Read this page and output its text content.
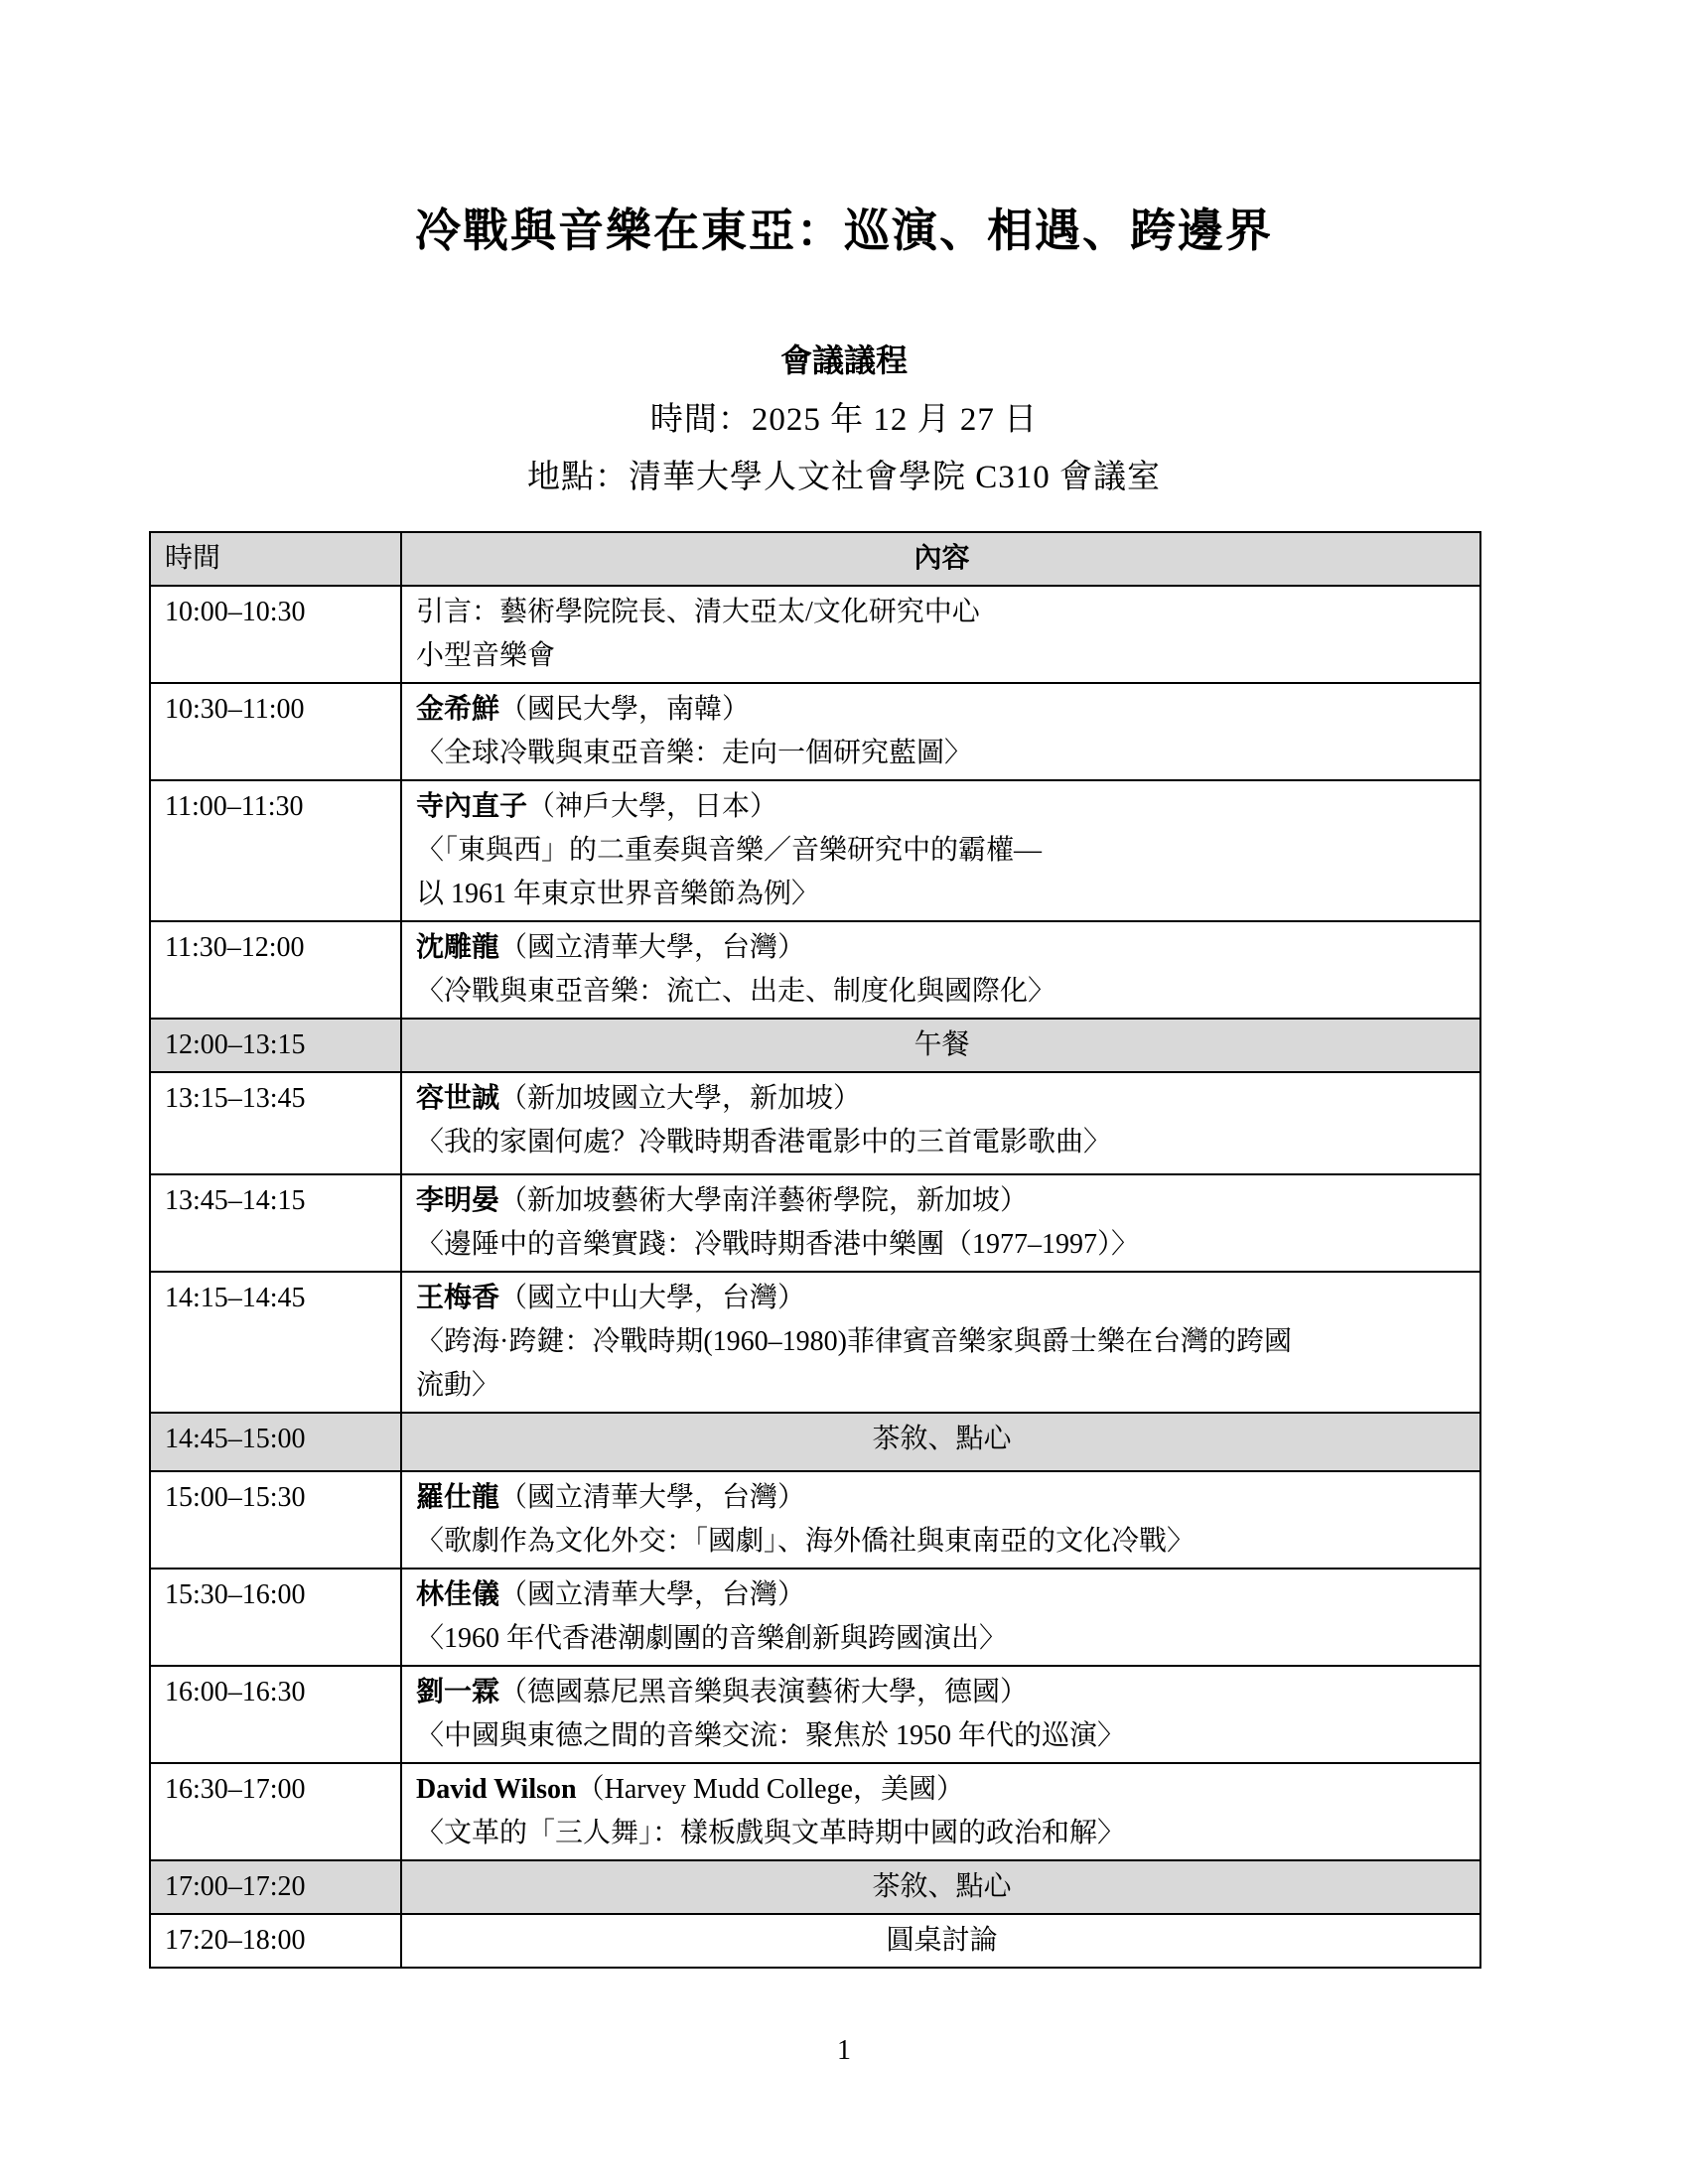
冷戰與音樂在東亞：巡演、相遇、跨邊界
會議議程
時間：2025 年 12 月 27 日
地點：清華大學人文社會學院 C310 會議室
時間	內容
10:00–10:30	引言：藝術學院院長、清大亞太/文化研究中心
小型音樂會

10:30–11:00	金希鮮（國民大學，南韓）
〈全球冷戰與東亞音樂：走向一個研究藍圖〉

11:00–11:30	寺內直子（神戶大學，日本）
〈「東與西」的二重奏與音樂／音樂研究中的霸權—
以 1961 年東京世界音樂節為例〉

11:30–12:00	沈雕龍（國立清華大學，台灣）
〈冷戰與東亞音樂：流亡、出走、制度化與國際化〉

12:00–13:15	午餐
13:15–13:45	容世誠（新加坡國立大學，新加坡）
〈我的家園何處？冷戰時期香港電影中的三首電影歌曲〉

13:45–14:15	李明晏（新加坡藝術大學南洋藝術學院，新加坡）
〈邊陲中的音樂實踐：冷戰時期香港中樂團（1977–1997）〉

14:15–14:45	王梅香（國立中山大學，台灣）
〈跨海·跨鍵：冷戰時期(1960–1980)菲律賓音樂家與爵士樂在台灣的跨國
流動〉

14:45–15:00	茶敘、點心
15:00–15:30	羅仕龍（國立清華大學，台灣）
〈歌劇作為文化外交：「國劇」、海外僑社與東南亞的文化冷戰〉

15:30–16:00	林佳儀（國立清華大學，台灣）
〈1960 年代香港潮劇團的音樂創新與跨國演出〉

16:00–16:30	劉一霖（德國慕尼黑音樂與表演藝術大學，德國）
〈中國與東德之間的音樂交流：聚焦於 1950 年代的巡演〉

16:30–17:00	David Wilson（Harvey Mudd College，美國）
〈文革的「三人舞」：樣板戲與文革時期中國的政治和解〉

17:00–17:20	茶敘、點心
17:20–18:00	圓桌討論
1
